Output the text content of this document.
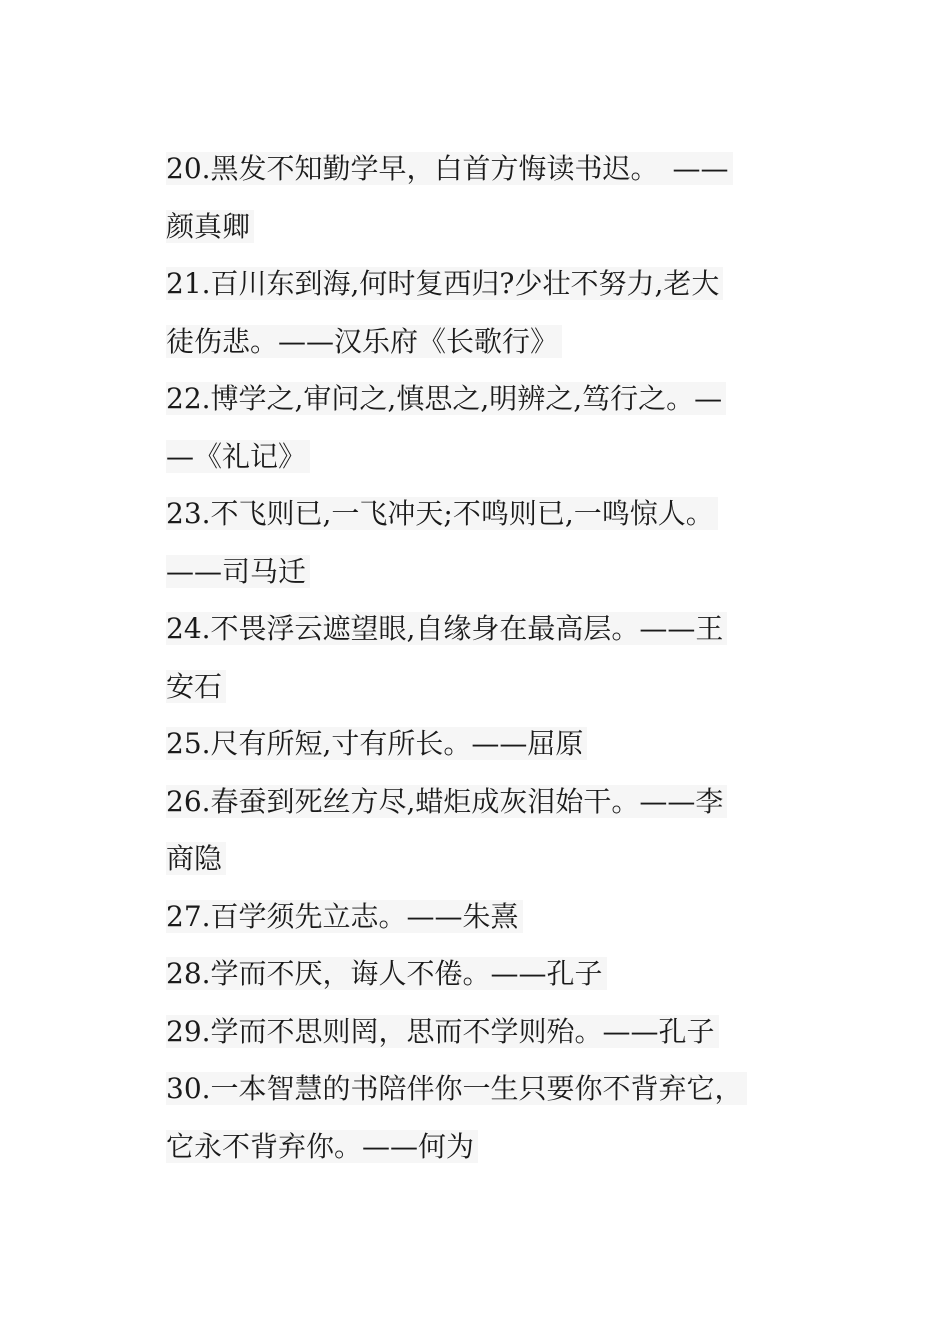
20.黑发不知勤学早，白首方悔读书迟。　——
颜真卿
21.百川东到海,何时复西归?少壮不努力,老大
徒伤悲。——汉乐府《长歌行》
22.博学之,审问之,慎思之,明辨之,笃行之。—
—《礼记》
23.不飞则已,一飞冲天;不鸣则已,一鸣惊人。
——司马迁
24.不畏浮云遮望眼,自缘身在最高层。——王
安石
25.尺有所短,寸有所长。——屈原
26.春蚕到死丝方尽,蜡炬成灰泪始干。——李
商隐
27.百学须先立志。——朱熹
28.学而不厌，诲人不倦。——孔子
29.学而不思则罔，思而不学则殆。——孔子
30.一本智慧的书陪伴你一生只要你不背弃它，
它永不背弃你。——何为
